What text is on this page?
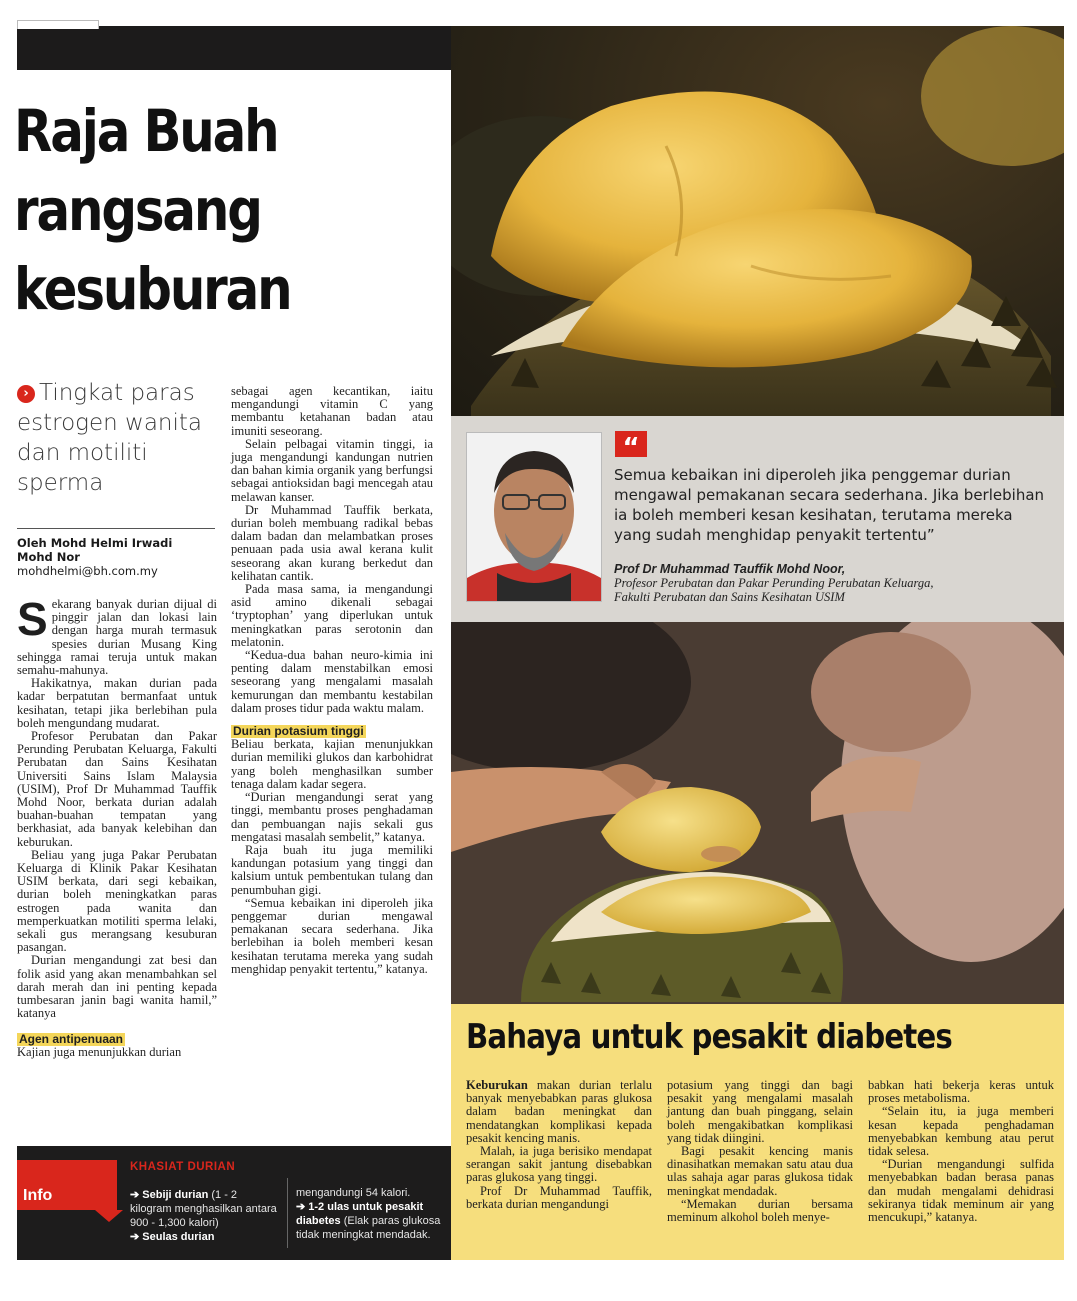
Raja Buah
rangsang
kesuburan
› Tingkat paras estrogen wanita dan motiliti sperma
Oleh Mohd Helmi Irwadi
Mohd Nor
mohdhelmi@bh.com.my

Sekarang banyak durian dijual di pinggir jalan dan lokasi lain dengan harga murah termasuk spesies durian Musang King sehingga ramai teruja untuk makan semahu-mahunya.

Hakikatnya, makan durian pada kadar berpatutan bermanfaat untuk kesihatan, tetapi jika berlebihan pula boleh mengundang mudarat.

Profesor Perubatan dan Pakar Perunding Perubatan Keluarga, Fakulti Perubatan dan Sains Kesihatan Universiti Sains Islam Malaysia (USIM), Prof Dr Muhammad Tauffik Mohd Noor, berkata durian adalah buahan-buahan tempatan yang berkhasiat, ada banyak kelebihan dan keburukan.

Beliau yang juga Pakar Perubatan Keluarga di Klinik Pakar Kesihatan USIM berkata, dari segi kebaikan, durian boleh meningkatkan paras estrogen pada wanita dan memperkuatkan motiliti sperma lelaki, sekali gus merangsang kesuburan pasangan.

Durian mengandungi zat besi dan folik asid yang akan menambahkan sel darah merah dan ini penting kepada tumbesaran janin bagi wanita hamil,” katanya

Agen antipenuaan

Kajian juga menunjukkan durian

sebagai agen kecantikan, iaitu mengandungi vitamin C yang membantu ketahanan badan atau imuniti seseorang.

Selain pelbagai vitamin tinggi, ia juga mengandungi kandungan nutrien dan bahan kimia organik yang berfungsi sebagai antioksidan bagi mencegah atau melawan kanser.

Dr Muhammad Tauffik berkata, durian boleh membuang radikal bebas dalam badan dan melambatkan proses penuaan pada usia awal kerana kulit seseorang akan kurang berkedut dan kelihatan cantik.

Pada masa sama, ia mengandungi asid amino dikenali sebagai ‘tryptophan’ yang diperlukan untuk meningkatkan paras serotonin dan melatonin.

“Kedua-dua bahan neuro-kimia ini penting dalam menstabilkan emosi seseorang yang mengalami masalah kemurungan dan membantu kestabilan dalam proses tidur pada waktu malam.

Durian potasium tinggi

Beliau berkata, kajian menunjukkan durian memiliki glukos dan karbohidrat yang boleh menghasilkan sumber tenaga dalam kadar segera.

“Durian mengandungi serat yang tinggi, membantu proses penghadaman dan pembuangan najis sekali gus mengatasi masalah sembelit,” katanya.

Raja buah itu juga memiliki kandungan potasium yang tinggi dan kalsium untuk pembentukan tulang dan penumbuhan gigi.

“Semua kebaikan ini diperoleh jika penggemar durian mengawal pemakanan secara sederhana. Jika berlebihan ia boleh memberi kesan kesihatan terutama mereka yang sudah menghidap penyakit tertentu,” katanya.

“
Semua kebaikan ini diperoleh jika penggemar durian mengawal pemakanan secara sederhana. Jika berlebihan ia boleh memberi kesan kesihatan, terutama mereka yang sudah menghidap penyakit tertentu”
Prof Dr Muhammad Tauffik Mohd Noor,
Profesor Perubatan dan Pakar Perunding Perubatan Keluarga,
Fakulti Perubatan dan Sains Kesihatan USIM
Bahaya untuk pesakit diabetes

Keburukan makan durian terlalu banyak menyebabkan paras glukosa dalam badan meningkat dan mendatangkan komplikasi kepada pesakit kencing manis.

Malah, ia juga berisiko mendapat serangan sakit jantung disebabkan paras glukosa yang tinggi.

Prof Dr Muhammad Tauffik, berkata durian mengandungi

potasium yang tinggi dan bagi pesakit yang mengalami masalah jantung dan buah pinggang, selain boleh mengakibatkan komplikasi yang tidak diingini.

Bagi pesakit kencing manis dinasihatkan memakan satu atau dua ulas sahaja agar paras glukosa tidak meningkat mendadak.

“Memakan durian bersama meminum alkohol boleh menye-

babkan hati bekerja keras untuk proses metabolisma.

“Selain itu, ia juga memberi kesan kepada penghadaman menyebabkan kembung atau perut tidak selesa.

“Durian mengandungi sulfida menyebabkan badan berasa panas dan mudah mengalami dehidrasi sekiranya tidak meminum air yang mencukupi,” katanya.

Info
KHASIAT DURIAN
➔ Sebiji durian (1 - 2 kilogram menghasilkan antara 900 - 1,300 kalori)
➔ Seulas durian
mengandungi 54 kalori.
➔ 1-2 ulas untuk pesakit diabetes (Elak paras glukosa tidak meningkat mendadak.
